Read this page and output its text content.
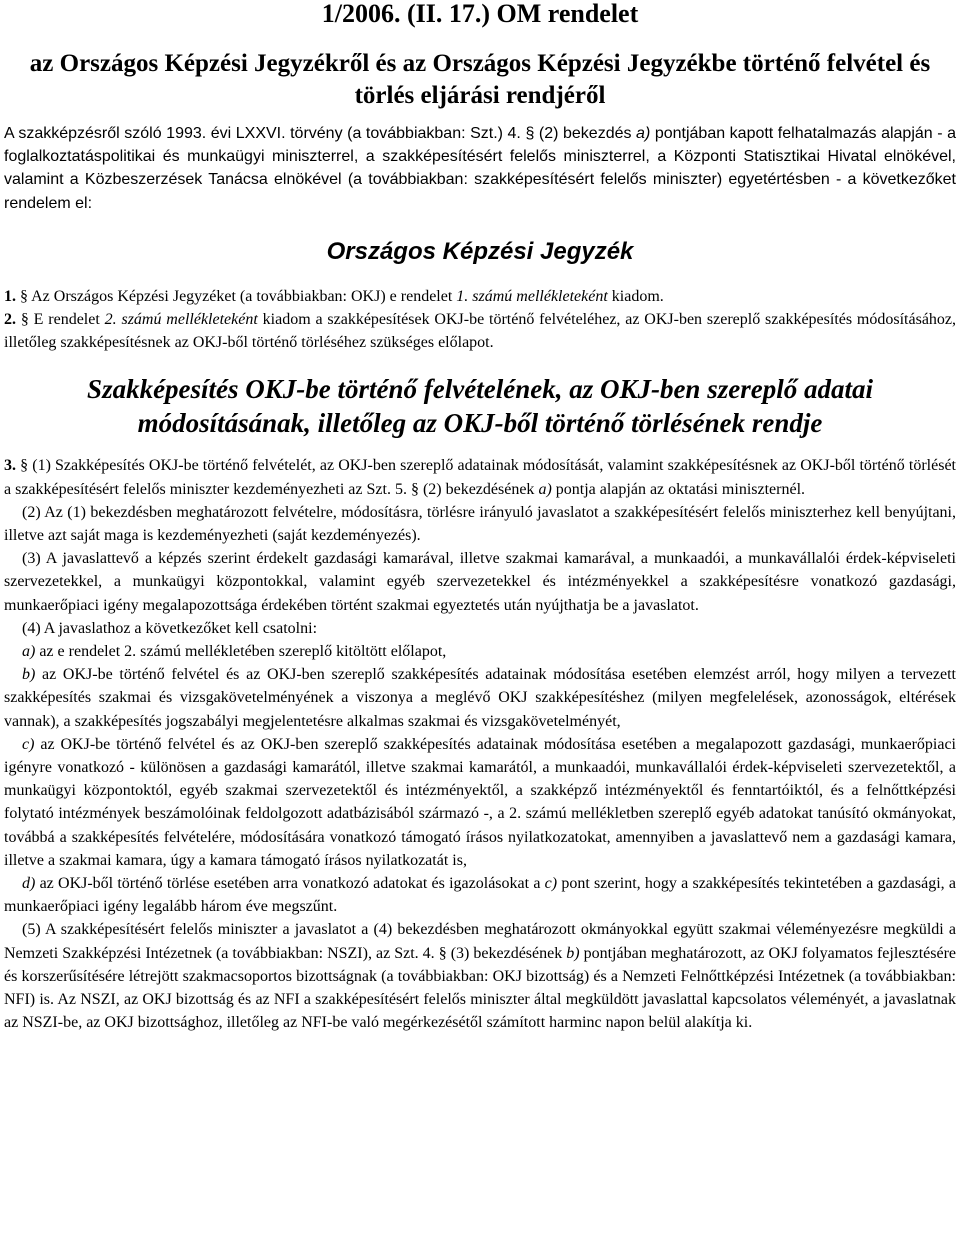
1/2006. (II. 17.) OM rendelet
az Országos Képzési Jegyzékről és az Országos Képzési Jegyzékbe történő felvétel és törlés eljárási rendjéről

A szakképzésről szóló 1993. évi LXXVI. törvény (a továbbiakban: Szt.) 4. § (2) bekezdés a) pontjában kapott felhatalmazás alapján - a foglalkoztatáspolitikai és munkaügyi miniszterrel, a szakképesítésért felelős miniszterrel, a Központi Statisztikai Hivatal elnökével, valamint a Közbeszerzések Tanácsa elnökével (a továbbiakban: szakképesítésért felelős miniszter) egyetértésben - a következőket rendelem el:

Országos Képzési Jegyzék

1. § Az Országos Képzési Jegyzéket (a továbbiakban: OKJ) e rendelet 1. számú mellékleteként kiadom.

2. § E rendelet 2. számú mellékleteként kiadom a szakképesítések OKJ-be történő felvételéhez, az OKJ-ben szereplő szakképesítés módosításához, illetőleg szakképesítésnek az OKJ-ből történő törléséhez szükséges előlapot.

Szakképesítés OKJ-be történő felvételének, az OKJ-ben szereplő adatai módosításának, illetőleg az OKJ-ből történő törlésének rendje

3. § (1) Szakképesítés OKJ-be történő felvételét, az OKJ-ben szereplő adatainak módosítását, valamint szakképesítésnek az OKJ-ből történő törlését a szakképesítésért felelős miniszter kezdeményezheti az Szt. 5. § (2) bekezdésének a) pontja alapján az oktatási miniszternél.

(2) Az (1) bekezdésben meghatározott felvételre, módosításra, törlésre irányuló javaslatot a szakképesítésért felelős miniszterhez kell benyújtani, illetve azt saját maga is kezdeményezheti (saját kezdeményezés).

(3) A javaslattevő a képzés szerint érdekelt gazdasági kamarával, illetve szakmai kamarával, a munkaadói, a munkavállalói érdek-képviseleti szervezetekkel, a munkaügyi központokkal, valamint egyéb szervezetekkel és intézményekkel a szakképesítésre vonatkozó gazdasági, munkaerőpiaci igény megalapozottsága érdekében történt szakmai egyeztetés után nyújthatja be a javaslatot.

(4) A javaslathoz a következőket kell csatolni:

a) az e rendelet 2. számú mellékletében szereplő kitöltött előlapot,

b) az OKJ-be történő felvétel és az OKJ-ben szereplő szakképesítés adatainak módosítása esetében elemzést arról, hogy milyen a tervezett szakképesítés szakmai és vizsgakövetelményének a viszonya a meglévő OKJ szakképesítéshez (milyen megfelelések, azonosságok, eltérések vannak), a szakképesítés jogszabályi megjelentetésre alkalmas szakmai és vizsgakövetelményét,

c) az OKJ-be történő felvétel és az OKJ-ben szereplő szakképesítés adatainak módosítása esetében a megalapozott gazdasági, munkaerőpiaci igényre vonatkozó - különösen a gazdasági kamarától, illetve szakmai kamarától, a munkaadói, munkavállalói érdek-képviseleti szervezetektől, a munkaügyi központoktól, egyéb szakmai szervezetektől és intézményektől, a szakképző intézményektől és fenntartóiktól, és a felnőttképzési folytató intézmények beszámolóinak feldolgozott adatbázisából származó -, a 2. számú mellékletben szereplő egyéb adatokat tanúsító okmányokat, továbbá a szakképesítés felvételére, módosítására vonatkozó támogató írásos nyilatkozatokat, amennyiben a javaslattevő nem a gazdasági kamara, illetve a szakmai kamara, úgy a kamara támogató írásos nyilatkozatát is,

d) az OKJ-ből történő törlése esetében arra vonatkozó adatokat és igazolásokat a c) pont szerint, hogy a szakképesítés tekintetében a gazdasági, a munkaerőpiaci igény legalább három éve megszűnt.

(5) A szakképesítésért felelős miniszter a javaslatot a (4) bekezdésben meghatározott okmányokkal együtt szakmai véleményezésre megküldi a Nemzeti Szakképzési Intézetnek (a továbbiakban: NSZI), az Szt. 4. § (3) bekezdésének b) pontjában meghatározott, az OKJ folyamatos fejlesztésére és korszerűsítésére létrejött szakmacsoportos bizottságnak (a továbbiakban: OKJ bizottság) és a Nemzeti Felnőttképzési Intézetnek (a továbbiakban: NFI) is. Az NSZI, az OKJ bizottság és az NFI a szakképesítésért felelős miniszter által megküldött javaslattal kapcsolatos véleményét, a javaslatnak az NSZI-be, az OKJ bizottsághoz, illetőleg az NFI-be való megérkezésétől számított harminc napon belül alakítja ki.
